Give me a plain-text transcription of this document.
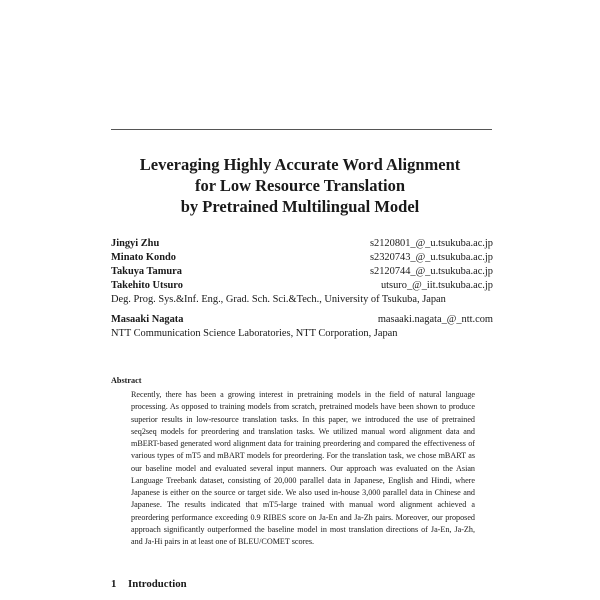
Leveraging Highly Accurate Word Alignment
for Low Resource Translation
by Pretrained Multilingual Model
Jingyi Zhu	s2120801_@_u.tsukuba.ac.jp
Minato Kondo	s2320743_@_u.tsukuba.ac.jp
Takuya Tamura	s2120744_@_u.tsukuba.ac.jp
Takehito Utsuro	utsuro_@_iit.tsukuba.ac.jp
Deg. Prog. Sys.&Inf. Eng., Grad. Sch. Sci.&Tech., University of Tsukuba, Japan
Masaaki Nagata	masaaki.nagata_@_ntt.com
NTT Communication Science Laboratories, NTT Corporation, Japan
Abstract
Recently, there has been a growing interest in pretraining models in the field of natural language processing. As opposed to training models from scratch, pretrained models have been shown to produce superior results in low-resource translation tasks. In this paper, we introduced the use of pretrained seq2seq models for preordering and translation tasks. We utilized manual word alignment data and mBERT-based generated word alignment data for training preordering and compared the effectiveness of various types of mT5 and mBART models for preordering. For the translation task, we chose mBART as our baseline model and evaluated several input manners. Our approach was evaluated on the Asian Language Treebank dataset, consisting of 20,000 parallel data in Japanese, English and Hindi, where Japanese is either on the source or target side. We also used in-house 3,000 parallel data in Chinese and Japanese. The results indicated that mT5-large trained with manual word alignment achieved a preordering performance exceeding 0.9 RIBES score on Ja-En and Ja-Zh pairs. Moreover, our proposed approach significantly outperformed the baseline model in most translation directions of Ja-En, Ja-Zh, and Ja-Hi pairs in at least one of BLEU/COMET scores.
1 Introduction
